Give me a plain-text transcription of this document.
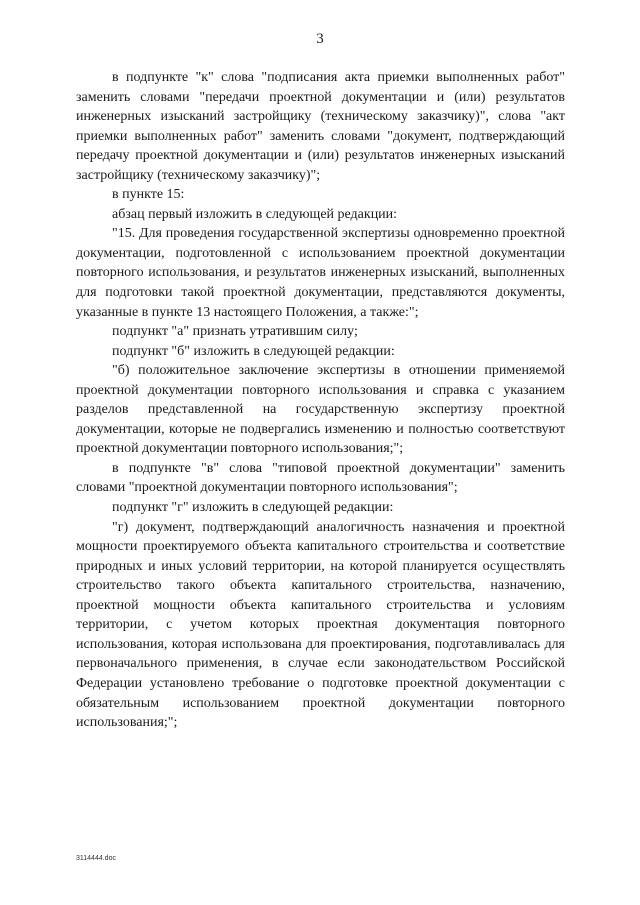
3

в подпункте "к" слова "подписания акта приемки выполненных работ" заменить словами "передачи проектной документации и (или) результатов инженерных изысканий застройщику (техническому заказчику)", слова "акт приемки выполненных работ" заменить словами "документ, подтверждающий передачу проектной документации и (или) результатов инженерных изысканий застройщику (техническому заказчику)";

в пункте 15:

абзац первый изложить в следующей редакции:

"15. Для проведения государственной экспертизы одновременно проектной документации, подготовленной с использованием проектной документации повторного использования, и результатов инженерных изысканий, выполненных для подготовки такой проектной документации, представляются документы, указанные в пункте 13 настоящего Положения, а также:";

подпункт "а" признать утратившим силу;

подпункт "б" изложить в следующей редакции:

"б) положительное заключение экспертизы в отношении применяемой проектной документации повторного использования и справка с указанием разделов представленной на государственную экспертизу проектной документации, которые не подвергались изменению и полностью соответствуют проектной документации повторного использования;";

в подпункте "в" слова "типовой проектной документации" заменить словами "проектной документации повторного использования";

подпункт "г" изложить в следующей редакции:

"г) документ, подтверждающий аналогичность назначения и проектной мощности проектируемого объекта капитального строительства и соответствие природных и иных условий территории, на которой планируется осуществлять строительство такого объекта капитального строительства, назначению, проектной мощности объекта капитального строительства и условиям территории, с учетом которых проектная документация повторного использования, которая использована для проектирования, подготавливалась для первоначального применения, в случае если законодательством Российской Федерации установлено требование о подготовке проектной документации с обязательным использованием проектной документации повторного использования;";

3114444.doc
